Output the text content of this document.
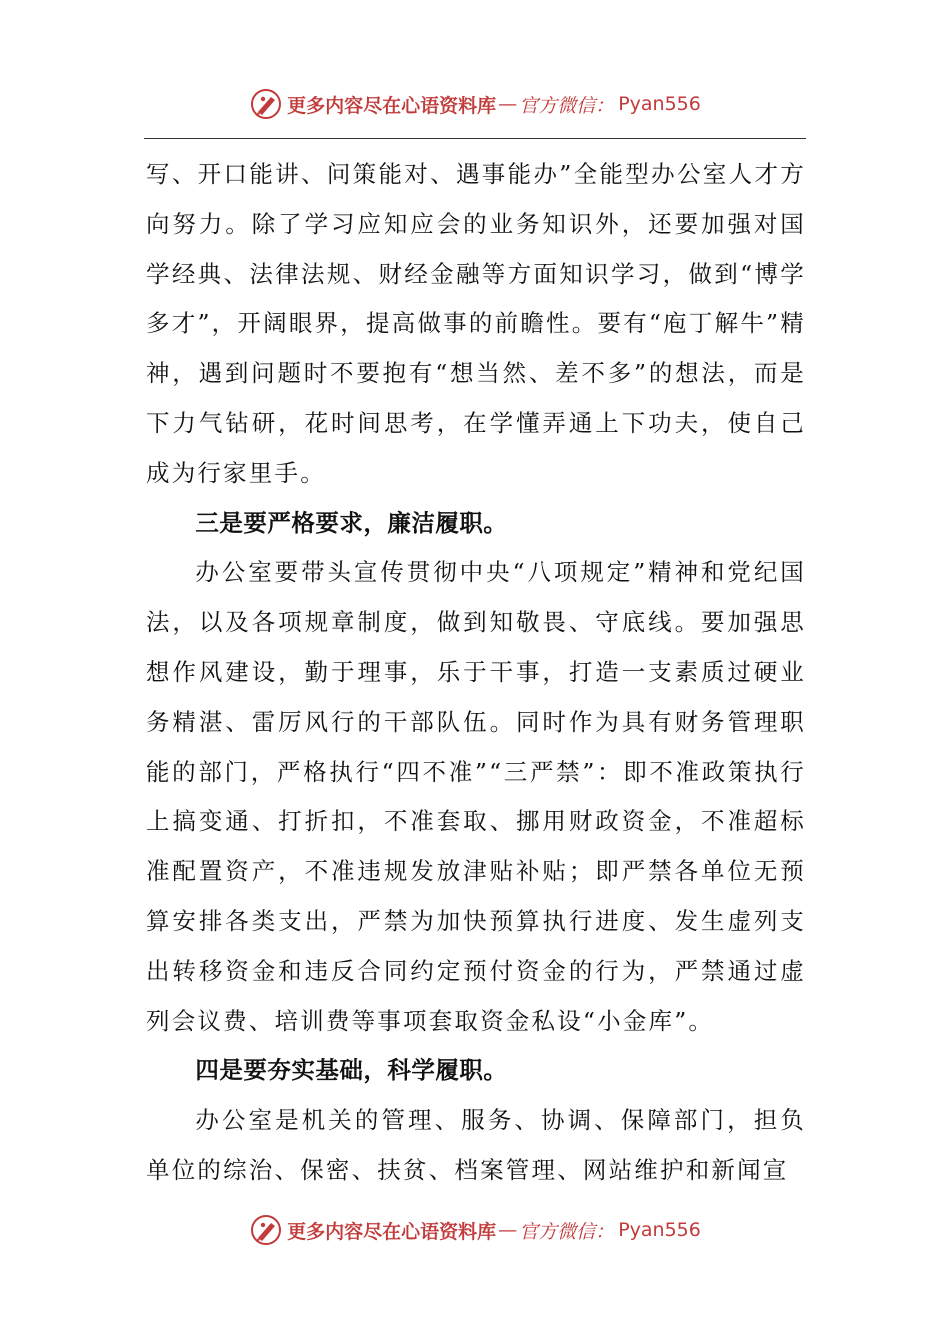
更多内容尽在心语资料库 — 官方微信： Pyan556

写、开口能讲、问策能对、遇事能办”全能型办公室人才方向努力。除了学习应知应会的业务知识外，还要加强对国学经典、法律法规、财经金融等方面知识学习，做到“博学多才”，开阔眼界，提高做事的前瞻性。要有“庖丁解牛”精神，遇到问题时不要抱有“想当然、差不多”的想法，而是下力气钻研，花时间思考，在学懂弄通上下功夫，使自己成为行家里手。

三是要严格要求，廉洁履职。

办公室要带头宣传贯彻中央“八项规定”精神和党纪国法，以及各项规章制度，做到知敬畏、守底线。要加强思想作风建设，勤于理事，乐于干事，打造一支素质过硬业务精湛、雷厉风行的干部队伍。同时作为具有财务管理职能的部门，严格执行“四不准”“三严禁”：即不准政策执行上搞变通、打折扣，不准套取、挪用财政资金，不准超标准配置资产，不准违规发放津贴补贴；即严禁各单位无预算安排各类支出，严禁为加快预算执行进度、发生虚列支出转移资金和违反合同约定预付资金的行为，严禁通过虚列会议费、培训费等事项套取资金私设“小金库”。

四是要夯实基础，科学履职。

办公室是机关的管理、服务、协调、保障部门，担负单位的综治、保密、扶贫、档案管理、网站维护和新闻宣

更多内容尽在心语资料库 — 官方微信： Pyan556
